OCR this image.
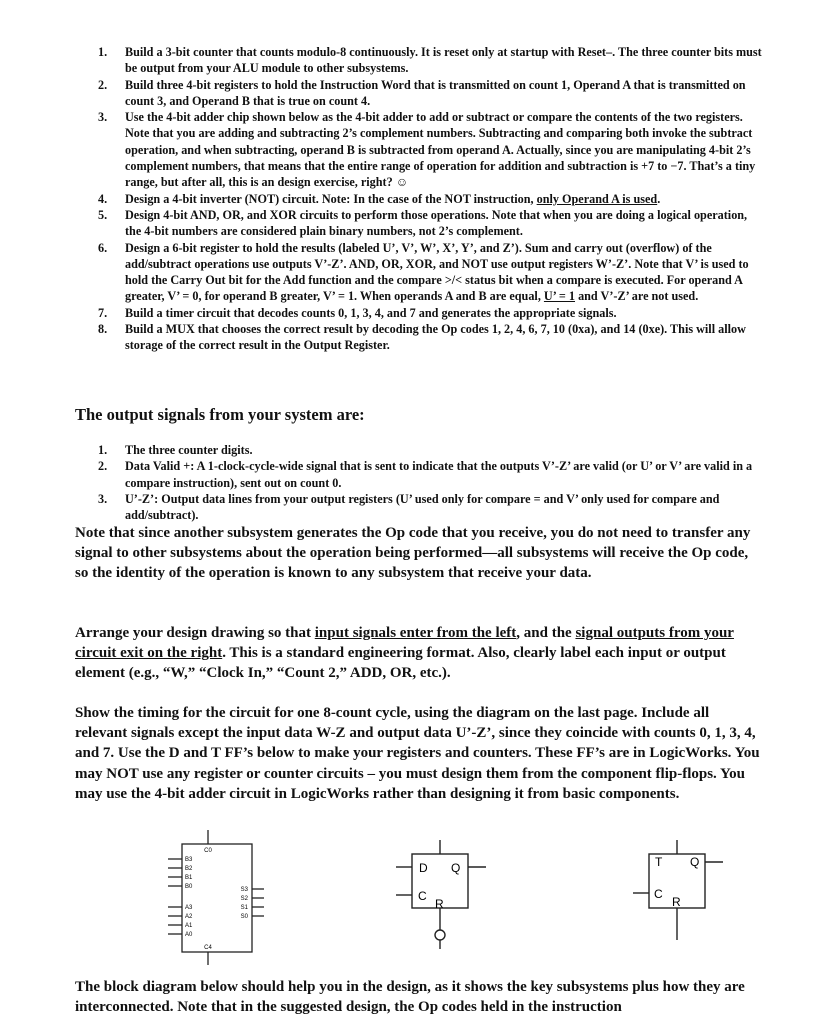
1. Build a 3-bit counter that counts modulo-8 continuously. It is reset only at startup with Reset–. The three counter bits must be output from your ALU module to other subsystems.
2. Build three 4-bit registers to hold the Instruction Word that is transmitted on count 1, Operand A that is transmitted on count 3, and Operand B that is true on count 4.
3. Use the 4-bit adder chip shown below as the 4-bit adder to add or subtract or compare the contents of the two registers. Note that you are adding and subtracting 2’s complement numbers. Subtracting and comparing both invoke the subtract operation, and when subtracting, operand B is subtracted from operand A. Actually, since you are manipulating 4-bit 2’s complement numbers, that means that the entire range of operation for addition and subtraction is +7 to −7. That’s a tiny range, but after all, this is an design exercise, right? ☺
4. Design a 4-bit inverter (NOT) circuit. Note: In the case of the NOT instruction, only Operand A is used.
5. Design 4-bit AND, OR, and XOR circuits to perform those operations. Note that when you are doing a logical operation, the 4-bit numbers are considered plain binary numbers, not 2’s complement.
6. Design a 6-bit register to hold the results (labeled U’, V’, W’, X’, Y’, and Z’). Sum and carry out (overflow) of the add/subtract operations use outputs V’-Z’. AND, OR, XOR, and NOT use output registers W’-Z’. Note that V’ is used to hold the Carry Out bit for the Add function and the compare >/< status bit when a compare is executed. For operand A greater, V’ = 0, for operand B greater, V’ = 1. When operands A and B are equal, U’ = 1 and V’-Z’ are not used.
7. Build a timer circuit that decodes counts 0, 1, 3, 4, and 7 and generates the appropriate signals.
8. Build a MUX that chooses the correct result by decoding the Op codes 1, 2, 4, 6, 7, 10 (0xa), and 14 (0xe). This will allow storage of the correct result in the Output Register.
The output signals from your system are:
1. The three counter digits.
2. Data Valid +: A 1-clock-cycle-wide signal that is sent to indicate that the outputs V’-Z’ are valid (or U’ or V’ are valid in a compare instruction), sent out on count 0.
3. U’-Z’: Output data lines from your output registers (U’ used only for compare = and V’ only used for compare and add/subtract).
Note that since another subsystem generates the Op code that you receive, you do not need to transfer any signal to other subsystems about the operation being performed—all subsystems will receive the Op code, so the identity of the operation is known to any subsystem that receive your data.
Arrange your design drawing so that input signals enter from the left, and the signal outputs from your circuit exit on the right. This is a standard engineering format. Also, clearly label each input or output element (e.g., “W,” “Clock In,” “Count 2,” ADD, OR, etc.).
Show the timing for the circuit for one 8-count cycle, using the diagram on the last page. Include all relevant signals except the input data W-Z and output data U’-Z’, since they coincide with counts 0, 1, 3, 4, and 7. Use the D and T FF’s below to make your registers and counters. These FF’s are in LogicWorks. You may NOT use any register or counter circuits – you must design them from the component flip-flops. You may use the 4-bit adder circuit in LogicWorks rather than designing it from basic components.
C0
C4
B3
B2
B1
B0
A3
A2
A1
A0
S3
S2
S1
S0
D Q
C
R
T Q
C
R
The block diagram below should help you in the design, as it shows the key subsystems plus how they are interconnected. Note that in the suggested design, the Op codes held in the instruction
